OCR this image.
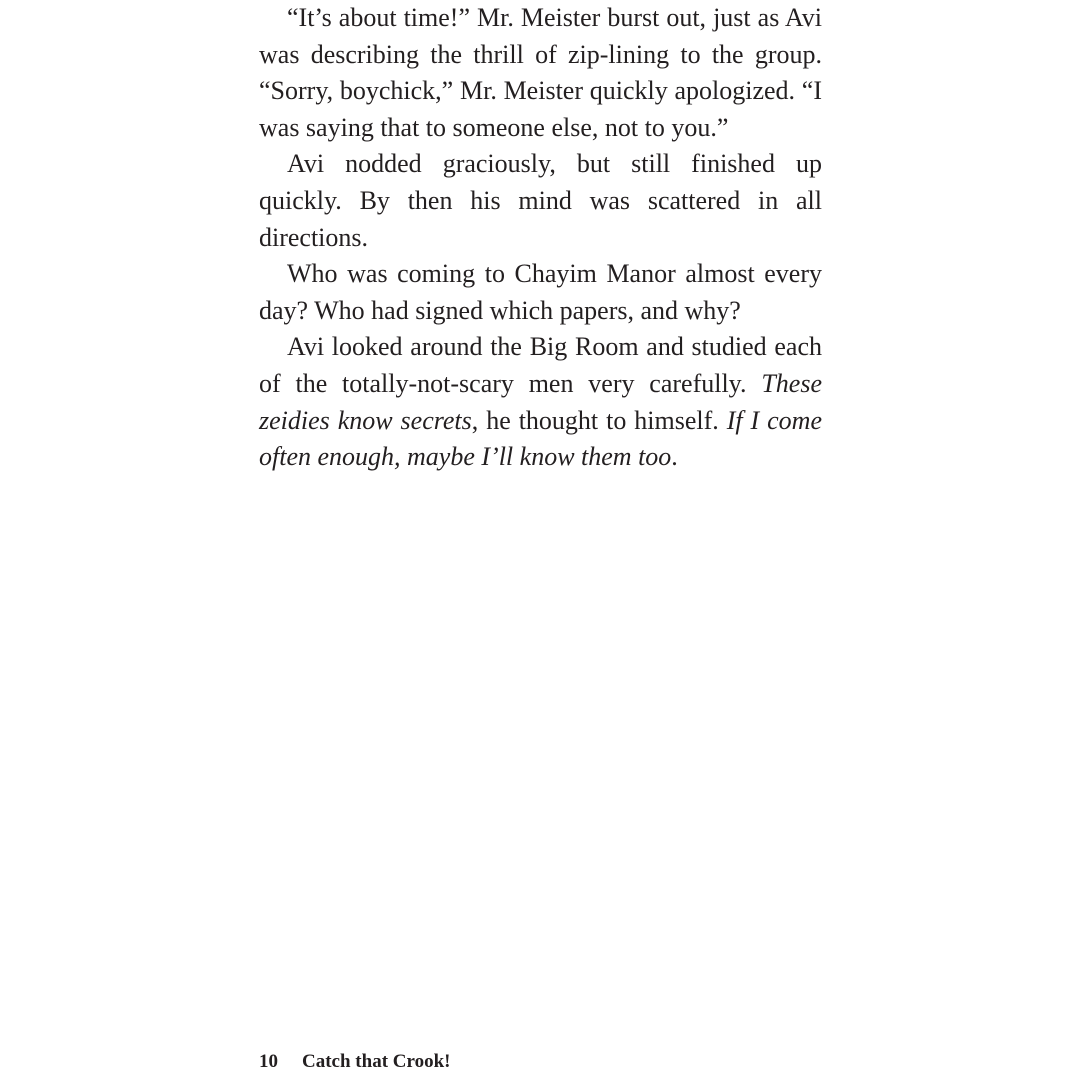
“It’s about time!” Mr. Meister burst out, just as Avi was describing the thrill of zip-lining to the group. “Sorry, boychick,” Mr. Meister quickly apologized. “I was saying that to someone else, not to you.”

Avi nodded graciously, but still finished up quickly. By then his mind was scattered in all directions.

Who was coming to Chayim Manor almost every day? Who had signed which papers, and why?

Avi looked around the Big Room and studied each of the totally-not-scary men very carefully. These zeidies know secrets, he thought to himself. If I come often enough, maybe I’ll know them too.

10 Catch that Crook!
